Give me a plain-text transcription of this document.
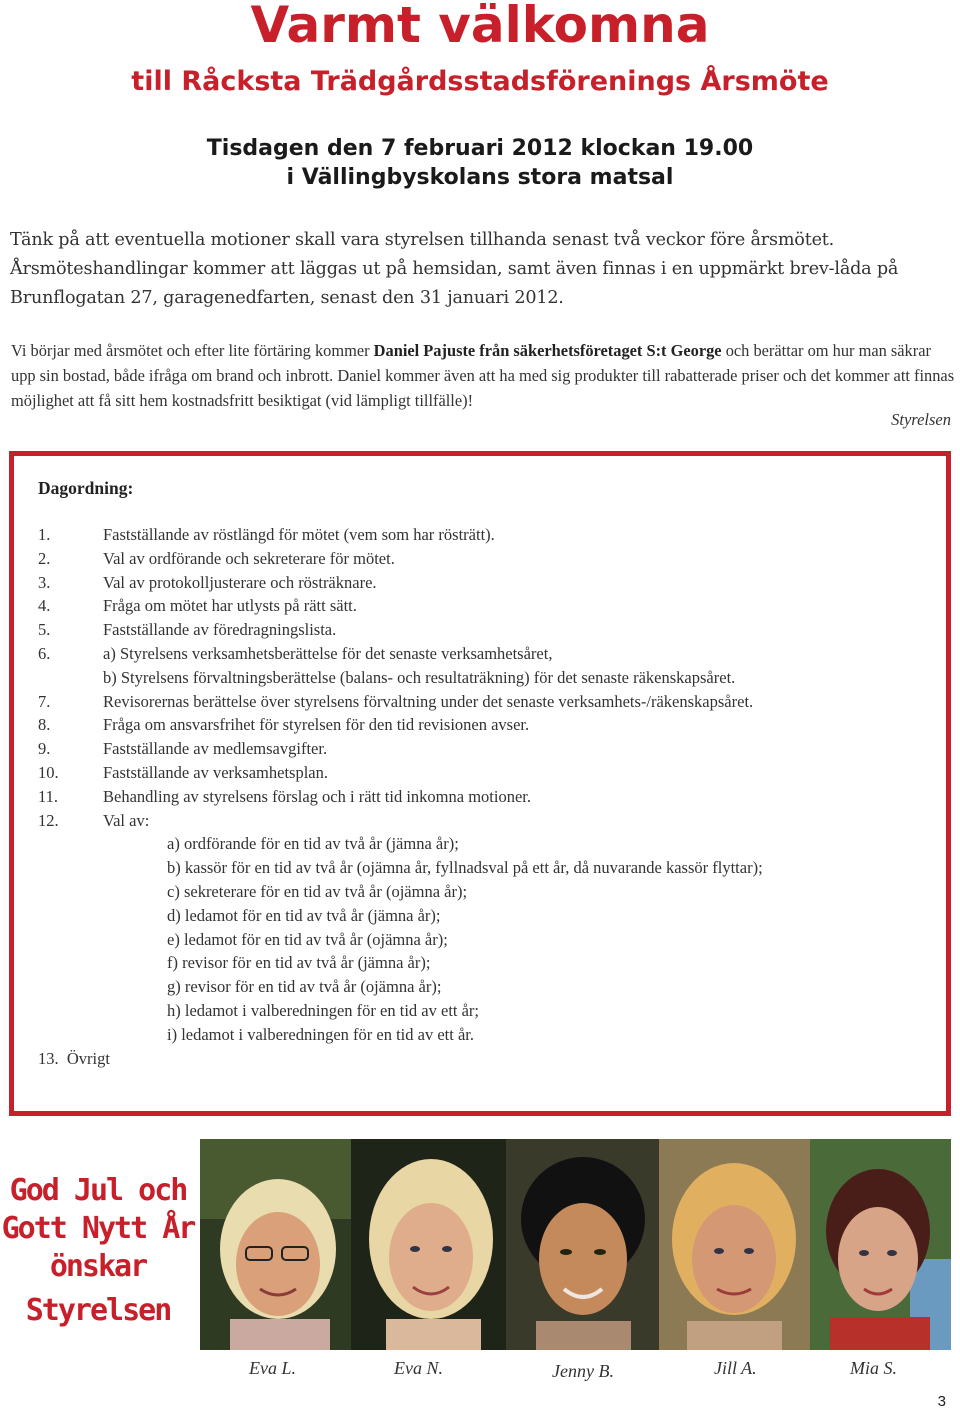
Varmt välkomna
till Råcksta Trädgårdsstadsförenings Årsmöte
Tisdagen den 7 februari 2012 klockan 19.00
i Vällingbyskolans stora matsal

Tänk på att eventuella motioner skall vara styrelsen tillhanda senast två veckor före årsmötet.

Årsmöteshandlingar kommer att läggas ut på hemsidan, samt även finnas i en uppmärkt brev-låda på Brunflogatan 27, garagenedfarten, senast den 31 januari 2012.

Vi börjar med årsmötet och efter lite förtäring kommer Daniel Pajuste från säkerhetsföretaget S:t George och berättar om hur man säkrar upp sin bostad, både ifråga om brand och inbrott. Daniel kommer även att ha med sig produkter till rabatterade priser och det kommer att finnas möjlighet att få sitt hem kostnadsfritt besiktigat (vid lämpligt tillfälle)!
Styrelsen
Dagordning:
1.	Fastställande av röstlängd för mötet (vem som har rösträtt).
2.	Val av ordförande och sekreterare för mötet.
3.	Val av protokolljusterare och rösträknare.
4.	Fråga om mötet har utlysts på rätt sätt.
5.	Fastställande av föredragningslista.
6.	a) Styrelsens verksamhetsberättelse för det senaste verksamhetsåret,
b) Styrelsens förvaltningsberättelse (balans- och resultaträkning) för det senaste räkenskapsåret.
7.	Revisorernas berättelse över styrelsens förvaltning under det senaste verksamhets-/räkenskapsåret.
8.	Fråga om ansvarsfrihet för styrelsen för den tid revisionen avser.
9.	Fastställande av medlemsavgifter.
10.	Fastställande av verksamhetsplan.
11.	Behandling av styrelsens förslag och i rätt tid inkomna motioner.
12.	Val av:
a) ordförande för en tid av två år (jämna år);
b) kassör för en tid av två år (ojämna år, fyllnadsval på ett år, då nuvarande kassör flyttar);
c) sekreterare för en tid av två år (ojämna år);
d) ledamot för en tid av två år (jämna år);
e) ledamot för en tid av två år (ojämna år);
f) revisor för en tid av två år (jämna år);
g) revisor för en tid av två år (ojämna år);
h) ledamot i valberedningen för en tid av ett år;
i) ledamot i valberedningen för en tid av ett år.
13.  Övrigt
God Jul och
Gott Nytt År
önskar
Styrelsen
Eva L.	Eva N.	Jenny B.	Jill A.	Mia S.
3
